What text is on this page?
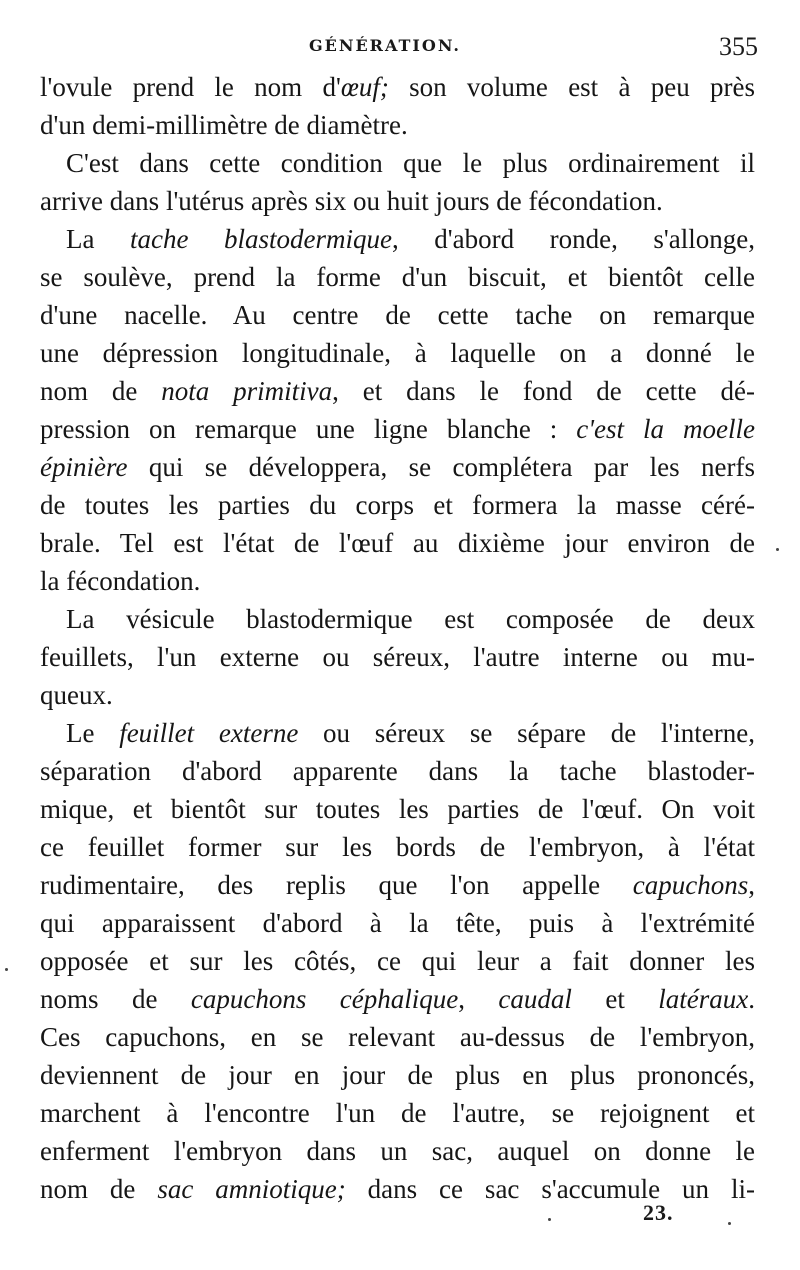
GÉNÉRATION.	355
l'ovule prend le nom d'œuf; son volume est à peu près
d'un demi-millimètre de diamètre.
C'est dans cette condition que le plus ordinairement il
arrive dans l'utérus après six ou huit jours de fécondation.
La tache blastodermique, d'abord ronde, s'allonge,
se soulève, prend la forme d'un biscuit, et bientôt celle
d'une nacelle. Au centre de cette tache on remarque
une dépression longitudinale, à laquelle on a donné le
nom de nota primitiva, et dans le fond de cette dé-
pression on remarque une ligne blanche : c'est la moelle
épinière qui se développera, se complétera par les nerfs
de toutes les parties du corps et formera la masse céré-
brale. Tel est l'état de l'œuf au dixième jour environ de
la fécondation.
La vésicule blastodermique est composée de deux
feuillets, l'un externe ou séreux, l'autre interne ou mu-
queux.
Le feuillet externe ou séreux se sépare de l'interne,
séparation d'abord apparente dans la tache blastoder-
mique, et bientôt sur toutes les parties de l'œuf. On voit
ce feuillet former sur les bords de l'embryon, à l'état
rudimentaire, des replis que l'on appelle capuchons,
qui apparaissent d'abord à la tête, puis à l'extrémité
opposée et sur les côtés, ce qui leur a fait donner les
noms de capuchons céphalique, caudal et latéraux.
Ces capuchons, en se relevant au-dessus de l'embryon,
deviennent de jour en jour de plus en plus prononcés,
marchent à l'encontre l'un de l'autre, se rejoignent et
enferment l'embryon dans un sac, auquel on donne le
nom de sac amniotique; dans ce sac s'accumule un li-
23.
